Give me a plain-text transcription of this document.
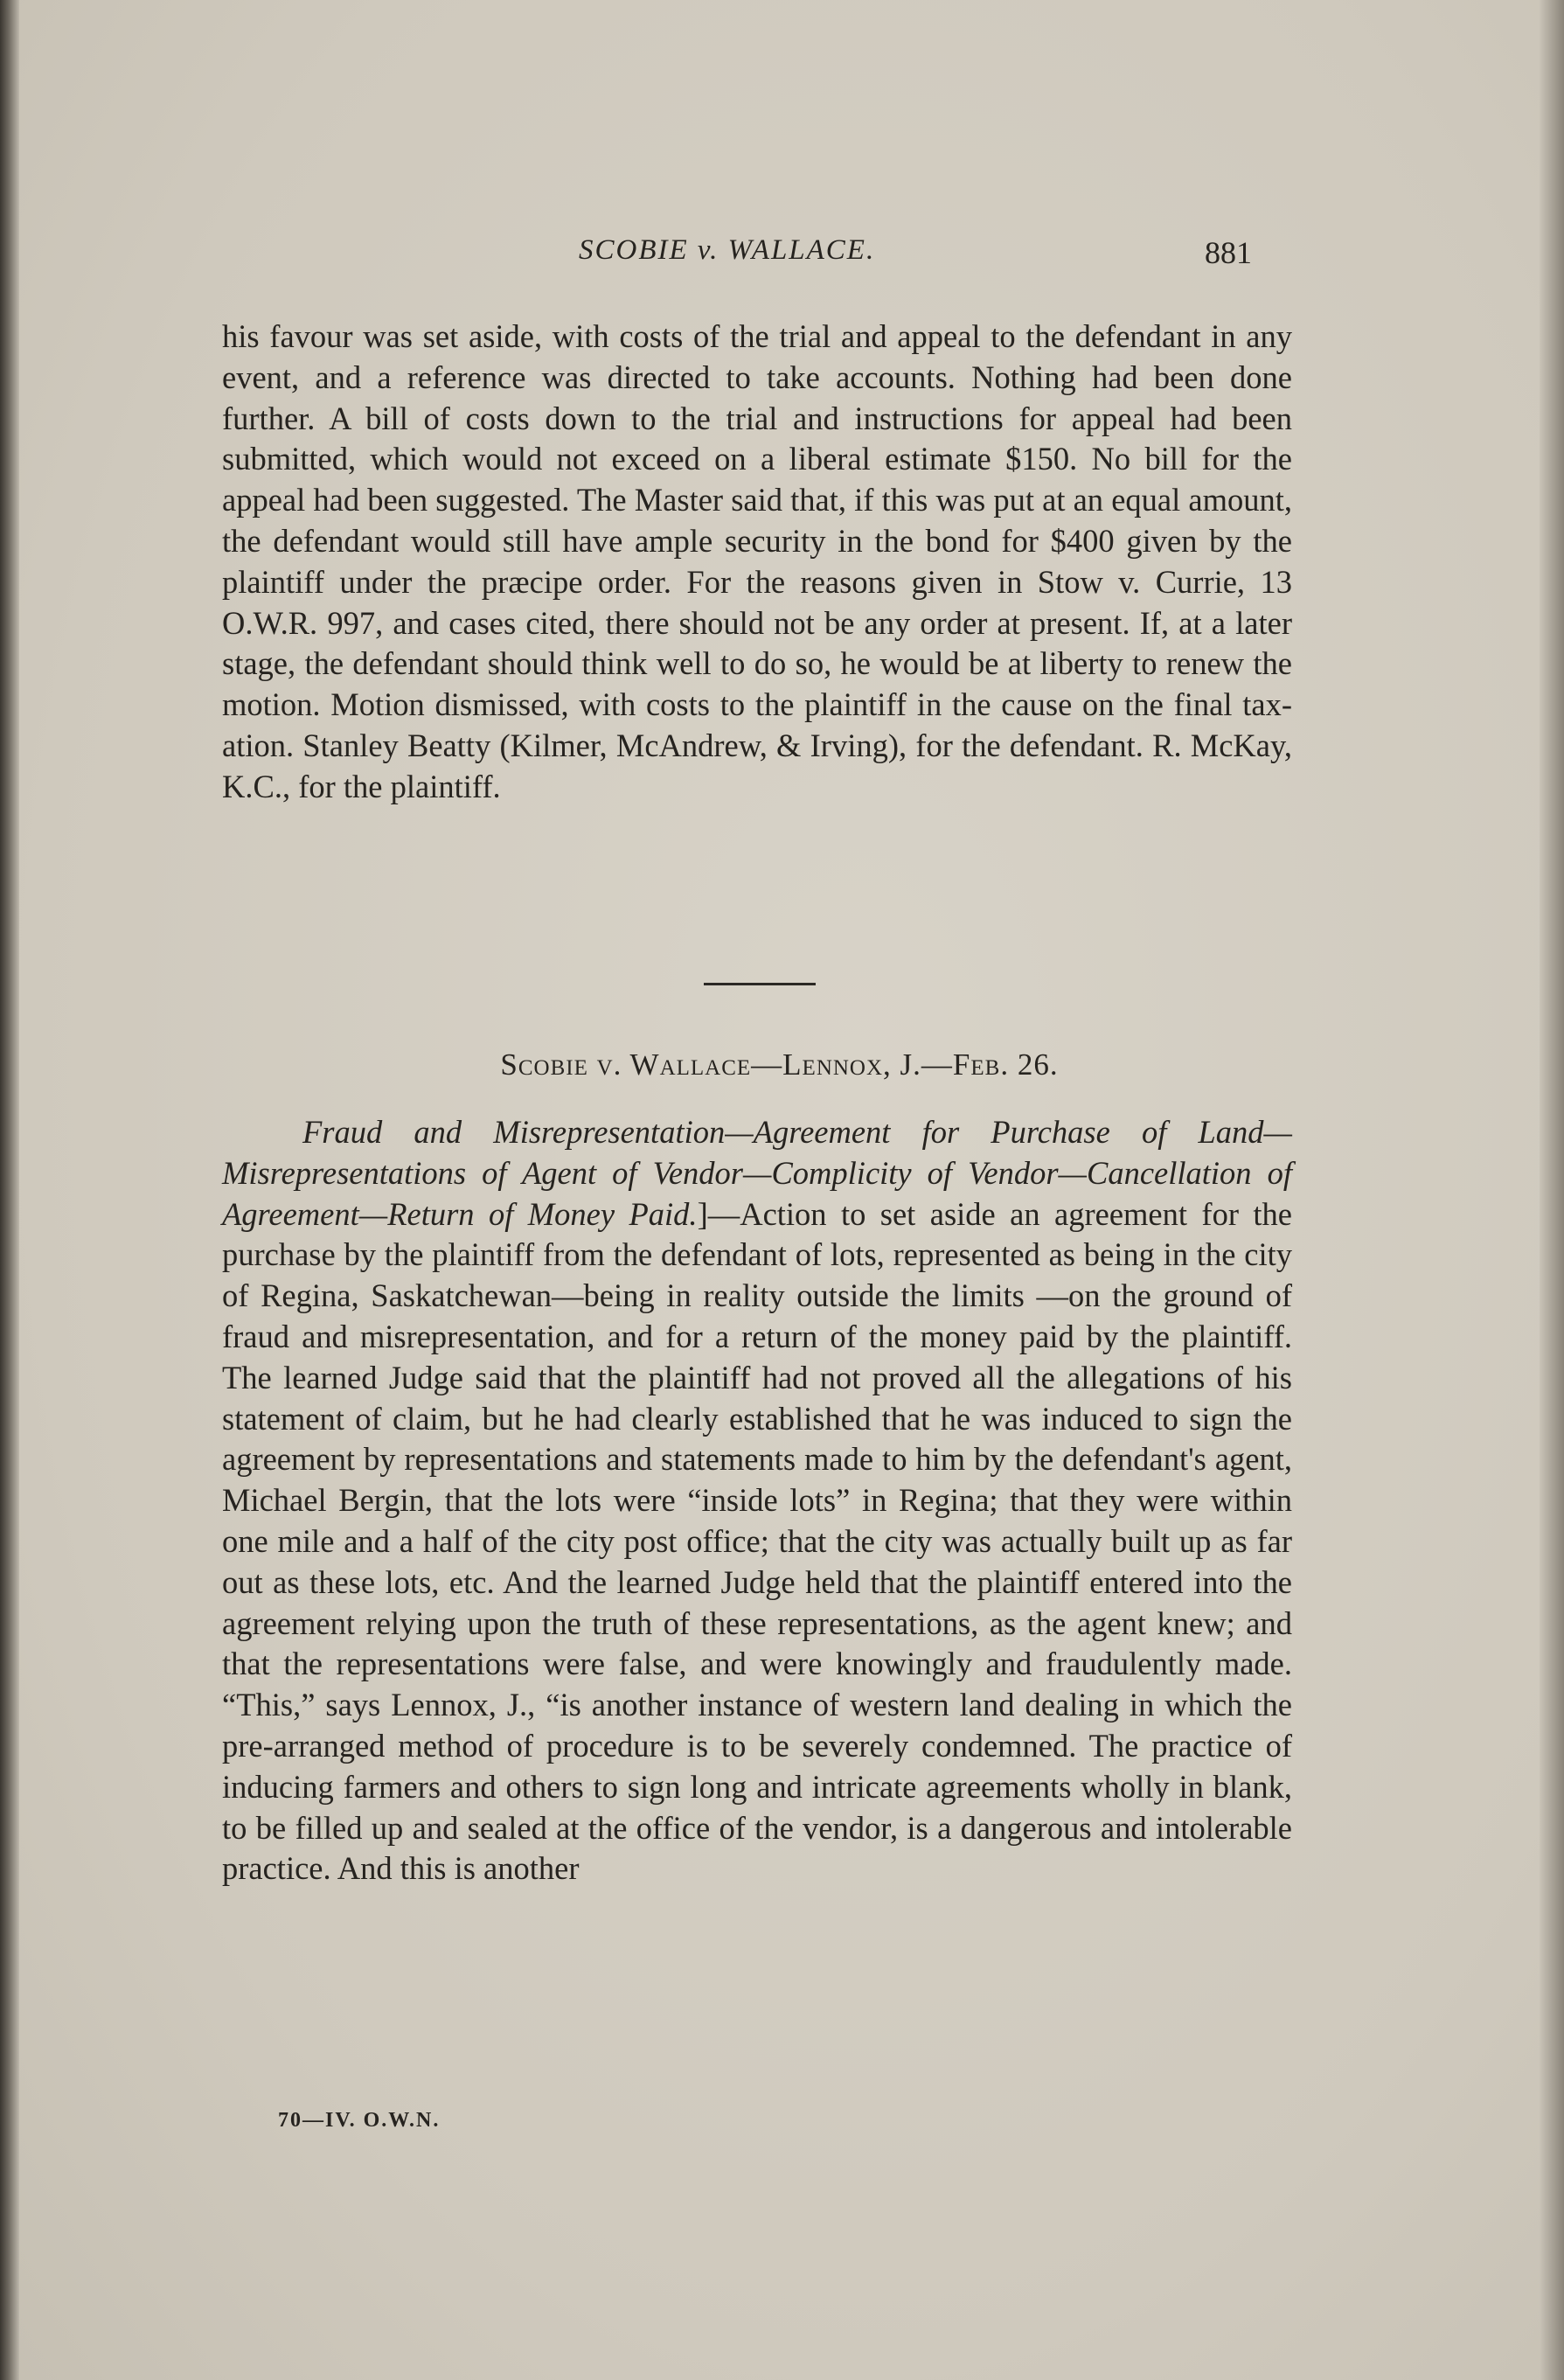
SCOBIE v. WALLACE.	881
his favour was set aside, with costs of the trial and appeal to the defendant in any event, and a reference was directed to take accounts. Nothing had been done further. A bill of costs down to the trial and instructions for appeal had been submitted, which would not exceed on a liberal estimate $150. No bill for the appeal had been suggested. The Master said that, if this was put at an equal amount, the defendant would still have ample security in the bond for $400 given by the plaintiff under the præcipe order. For the reasons given in Stow v. Currie, 13 O.W.R. 997, and cases cited, there should not be any order at present. If, at a later stage, the defendant should think well to do so, he would be at liberty to renew the motion. Motion dismissed, with costs to the plaintiff in the cause on the final taxation. Stanley Beatty (Kilmer, McAndrew, & Irving), for the defendant. R. McKay, K.C., for the plaintiff.
Scobie v. Wallace—Lennox, J.—Feb. 26.
Fraud and Misrepresentation—Agreement for Purchase of Land—Misrepresentations of Agent of Vendor—Complicity of Vendor—Cancellation of Agreement—Return of Money Paid.]—Action to set aside an agreement for the purchase by the plaintiff from the defendant of lots, represented as being in the city of Regina, Saskatchewan—being in reality outside the limits —on the ground of fraud and misrepresentation, and for a return of the money paid by the plaintiff. The learned Judge said that the plaintiff had not proved all the allegations of his statement of claim, but he had clearly established that he was induced to sign the agreement by representations and statements made to him by the defendant's agent, Michael Bergin, that the lots were “inside lots” in Regina; that they were within one mile and a half of the city post office; that the city was actually built up as far out as these lots, etc. And the learned Judge held that the plaintiff entered into the agreement relying upon the truth of these representations, as the agent knew; and that the representations were false, and were knowingly and fraudulently made. “This,” says Lennox, J., “is another instance of western land dealing in which the pre-arranged method of procedure is to be severely condemned. The practice of inducing farmers and others to sign long and intricate agreements wholly in blank, to be filled up and sealed at the office of the vendor, is a dangerous and intolerable practice. And this is another
70—IV. O.W.N.
